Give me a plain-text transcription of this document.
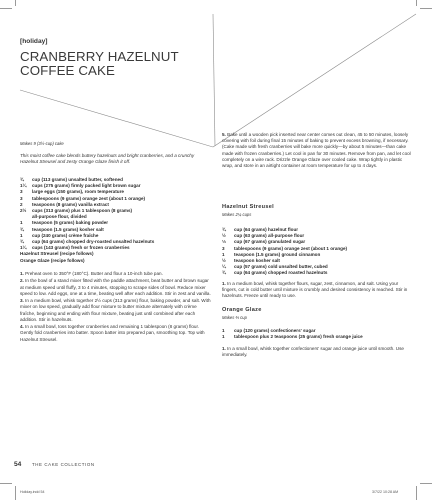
[holiday]
CRANBERRY HAZELNUT
COFFEE CAKE
Makes 9 (3½-cup) cake
This moist coffee cake blends buttery hazelnuts and bright cranberries, and a crunchy Hazelnut Streusel and zesty Orange Glaze finish it off.
¾	cup (113 grams) unsalted butter, softened
1¼	cups (275 grams) firmly packed light brown sugar
3	large eggs (150 grams), room temperature
3	tablespoons (9 grams) orange zest (about 1 orange)
2	teaspoons (8 grams) vanilla extract
2½	cups (313 grams) plus 1 tablespoon (8 grams)
all-purpose flour, divided
1	teaspoon (5 grams) baking powder
¾	teaspoon (1.5 grams) kosher salt
1	cup (240 grams) crème fraîche
¾	cup (64 grams) chopped dry-roasted unsalted hazelnuts
1¼	cups (143 grams) fresh or frozen cranberries
Hazelnut Streusel (recipe follows)
Orange Glaze (recipe follows)

1. Preheat oven to 350°F (180°C). Butter and flour a 10-inch tube pan.

2. In the bowl of a stand mixer fitted with the paddle attachment, beat butter and brown sugar at medium speed until fluffy, 3 to 4 minutes, stopping to scrape sides of bowl. Reduce mixer speed to low. Add eggs, one at a time, beating well after each addition. Stir in zest and vanilla.

3. In a medium bowl, whisk together 2½ cups (313 grams) flour, baking powder, and salt. With mixer on low speed, gradually add flour mixture to butter mixture alternately with crème fraîche, beginning and ending with flour mixture, beating just until combined after each addition. Stir in hazelnuts.

4. In a small bowl, toss together cranberries and remaining 1 tablespoon (8 grams) flour. Gently fold cranberries into batter. Spoon batter into prepared pan, smoothing top. Top with Hazelnut Streusel.

5. Bake until a wooden pick inserted near center comes out clean, 45 to 50 minutes, loosely covering with foil during final 15 minutes of baking to prevent excess browning, if necessary. (Cake made with fresh cranberries will bake more quickly—by about 5 minutes—than cake made with frozen cranberries.) Let cool in pan for 30 minutes. Remove from pan, and let cool completely on a wire rack. Drizzle Orange Glaze over cooled cake. Wrap tightly in plastic wrap, and store in an airtight container at room temperature for up to 4 days.

Hazelnut Streusel
Makes 2¼ cups
¾	cup (64 grams) hazelnut flour
½	cup (63 grams) all-purpose flour
⅓	cup (67 grams) granulated sugar
3	tablespoons (9 grams) orange zest (about 1 orange)
1	teaspoon (1.5 grams) ground cinnamon
½	teaspoon kosher salt
¼	cup (57 grams) cold unsalted butter, cubed
¾	cup (64 grams) chopped roasted hazelnuts

1. In a medium bowl, whisk together flours, sugar, zest, cinnamon, and salt. Using your fingers, cut in cold butter until mixture is crumbly and desired consistency is reached. Stir in hazelnuts. Freeze until ready to use.

Orange Glaze
Makes ⅔ cup
1	cup (120 grams) confectioners' sugar
1	tablespoon plus 2 teaspoons (25 grams) fresh orange juice

1. In a small bowl, whisk together confectioners' sugar and orange juice until smooth. Use immediately.

54 THE CAKE COLLECTION
Holiday.indd 54	3/7/22 10:28 AM
